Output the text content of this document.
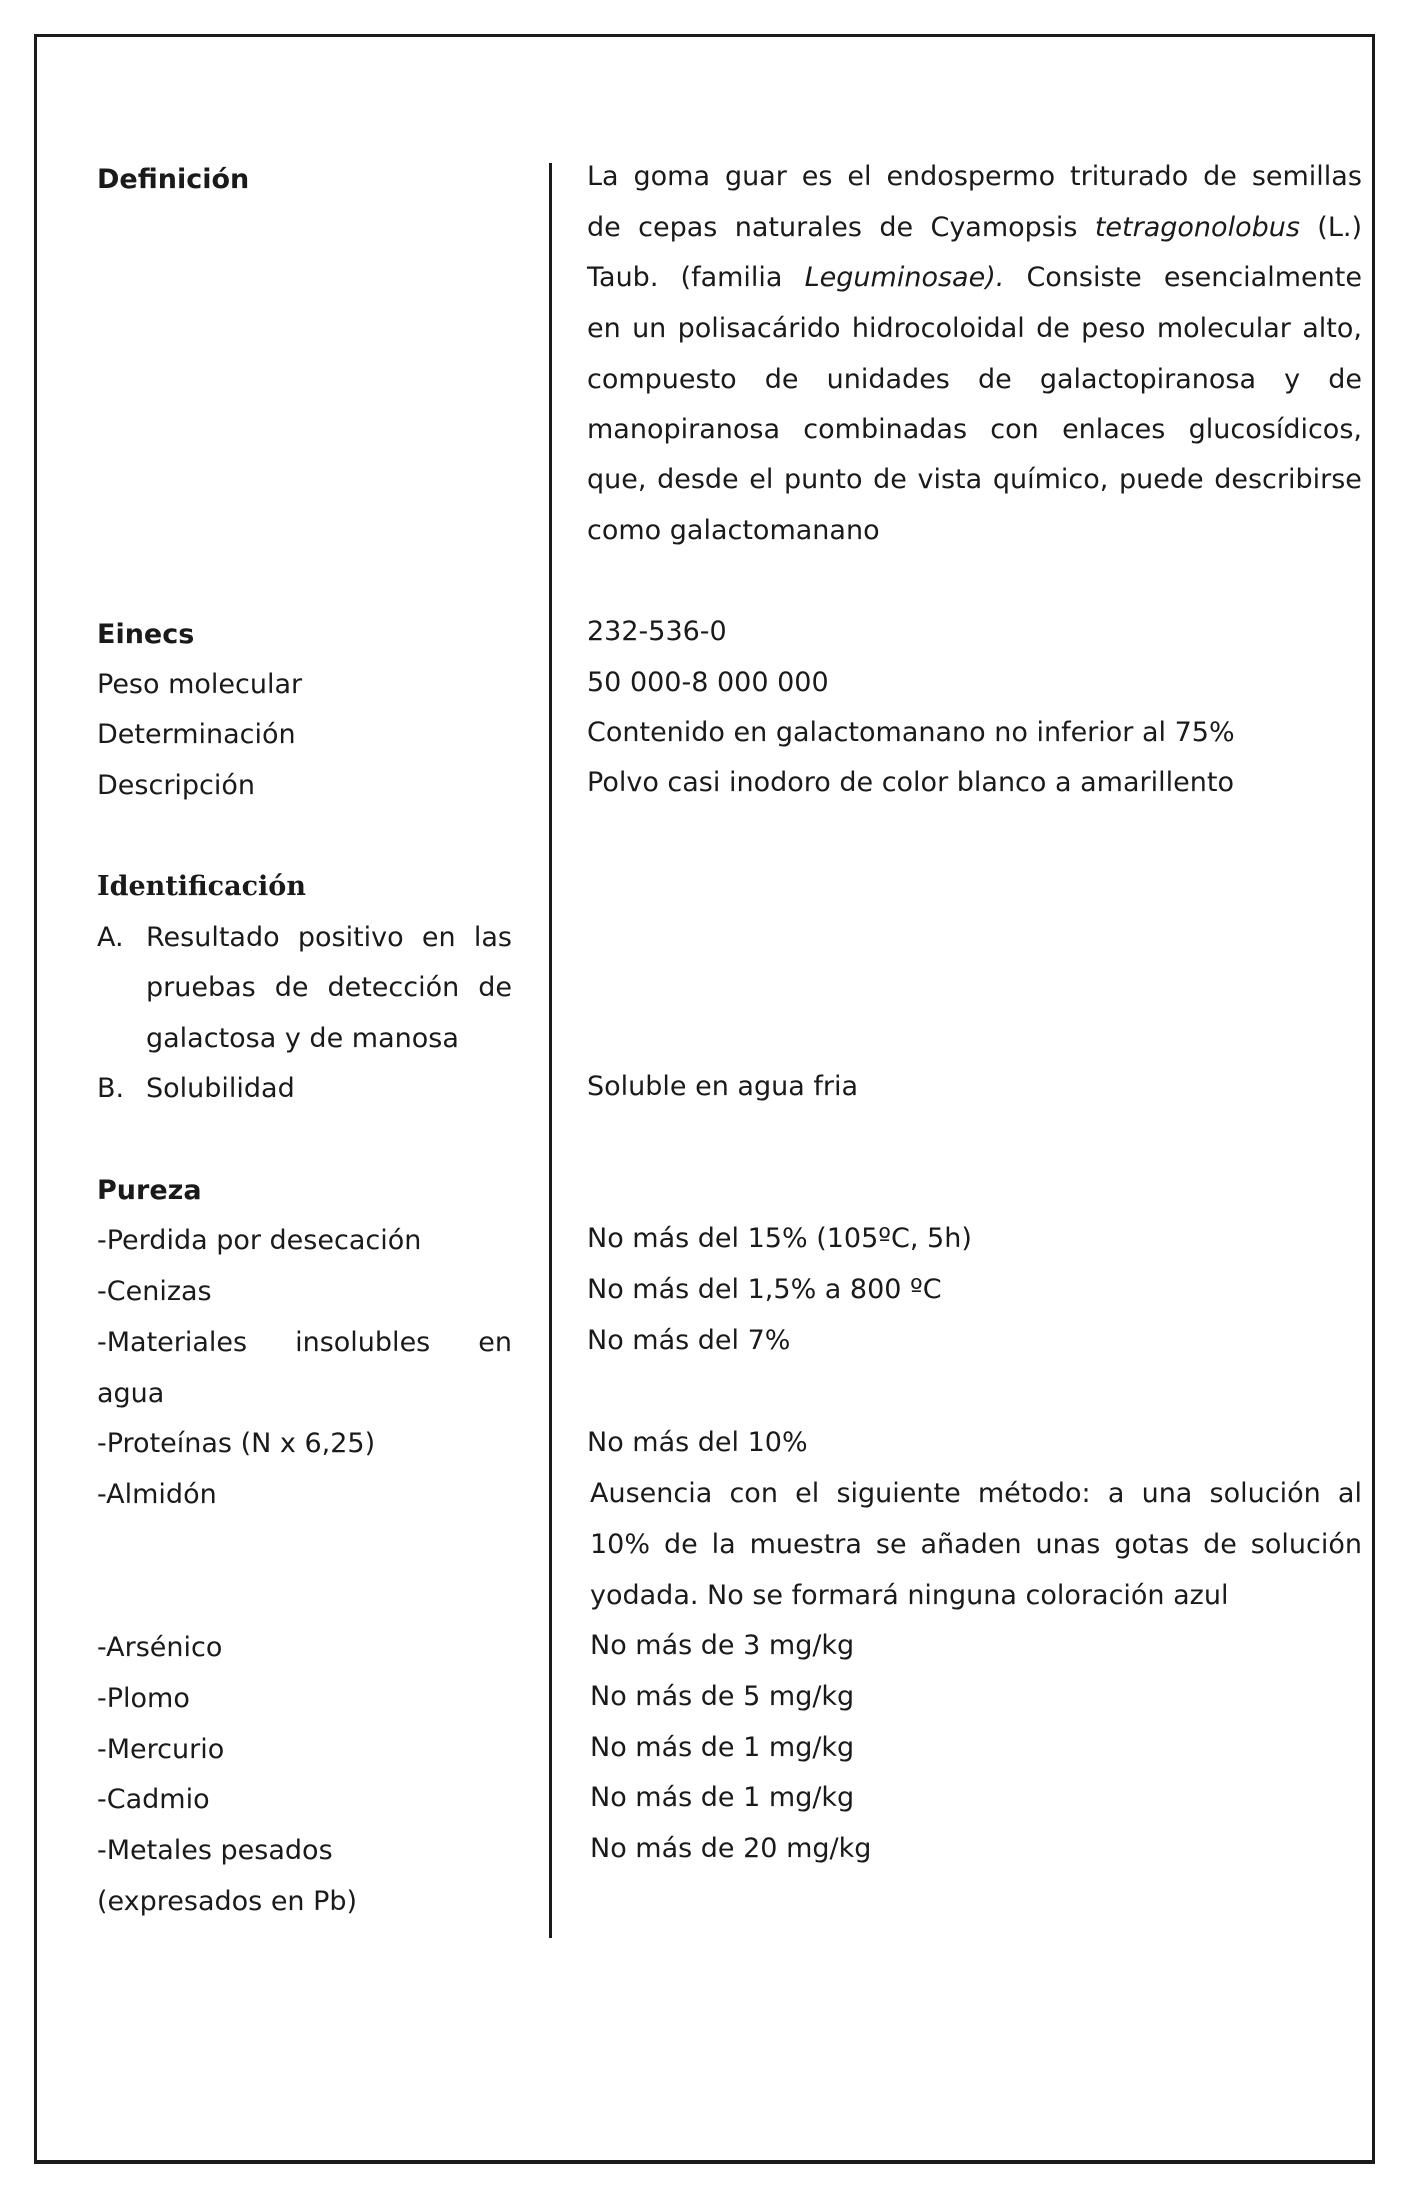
Definición	La goma guar es el endospermo triturado de semillas
de cepas naturales de Cyamopsis tetragonolobus (L.)
Taub. (familia Leguminosae). Consiste esencialmente
en un polisacárido hidrocoloidal de peso molecular alto,
compuesto de unidades de galactopiranosa y de
manopiranosa combinadas con enlaces glucosídicos,
que, desde el punto de vista químico, puede describirse
como galactomanano
Einecs	232-536-0
Peso molecular	50 000-8 000 000
Determinación	Contenido en galactomanano no inferior al 75%
Descripción	Polvo casi inodoro de color blanco a amarillento
Identificación
A. Resultado positivo en las
pruebas de detección de
galactosa y de manosa
B. Solubilidad	Soluble en agua fria
Pureza
-Perdida por desecación	No más del 15% (105ºC, 5h)
-Cenizas	No más del 1,5% a 800 ºC
-Materiales insolubles en	No más del 7%
agua
-Proteínas (N x 6,25)	No más del 10%
-Almidón	Ausencia con el siguiente método: a una solución al
10% de la muestra se añaden unas gotas de solución
yodada. No se formará ninguna coloración azul
-Arsénico	No más de 3 mg/kg
-Plomo	No más de 5 mg/kg
-Mercurio	No más de 1 mg/kg
-Cadmio	No más de 1 mg/kg
-Metales pesados	No más de 20 mg/kg
(expresados en Pb)
